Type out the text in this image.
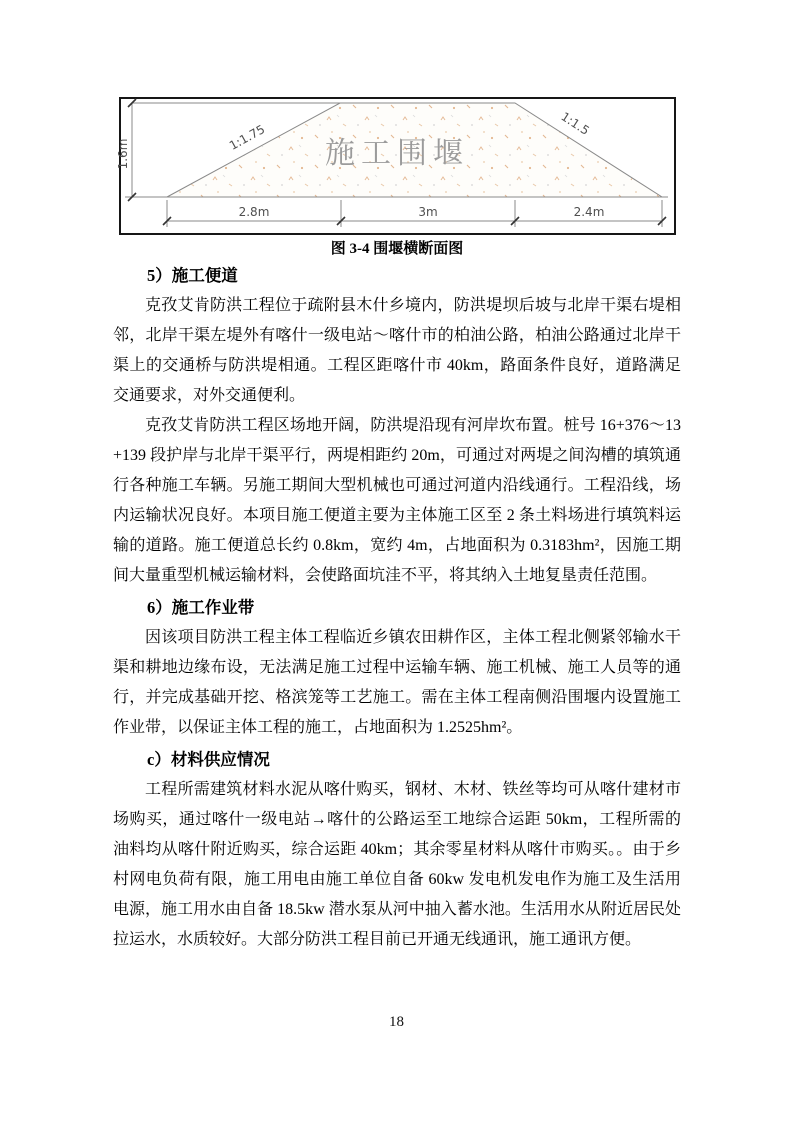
1.6m
1:1.75	1:1.5
施工围堰
2.8m	3m	2.4m
图 3-4 围堰横断面图
5）施工便道

克孜艾肯防洪工程位于疏附县木什乡境内，防洪堤坝后坡与北岸干渠右堤相邻，北岸干渠左堤外有喀什一级电站～喀什市的柏油公路，柏油公路通过北岸干渠上的交通桥与防洪堤相通。工程区距喀什市 40km，路面条件良好，道路满足交通要求，对外交通便利。

克孜艾肯防洪工程区场地开阔，防洪堤沿现有河岸坎布置。桩号 16+376～13+139 段护岸与北岸干渠平行，两堤相距约 20m，可通过对两堤之间沟槽的填筑通行各种施工车辆。另施工期间大型机械也可通过河道内沿线通行。工程沿线，场内运输状况良好。本项目施工便道主要为主体施工区至 2 条土料场进行填筑料运输的道路。施工便道总长约 0.8km，宽约 4m，占地面积为 0.3183hm²，因施工期间大量重型机械运输材料，会使路面坑洼不平，将其纳入土地复垦责任范围。

6）施工作业带

因该项目防洪工程主体工程临近乡镇农田耕作区，主体工程北侧紧邻输水干渠和耕地边缘布设，无法满足施工过程中运输车辆、施工机械、施工人员等的通行，并完成基础开挖、格滨笼等工艺施工。需在主体工程南侧沿围堰内设置施工作业带，以保证主体工程的施工，占地面积为 1.2525hm²。

c）材料供应情况

工程所需建筑材料水泥从喀什购买，钢材、木材、铁丝等均可从喀什建材市场购买，通过喀什一级电站→喀什的公路运至工地综合运距 50km，工程所需的油料均从喀什附近购买，综合运距 40km；其余零星材料从喀什市购买。。由于乡村网电负荷有限，施工用电由施工单位自备 60kw 发电机发电作为施工及生活用电源，施工用水由自备 18.5kw 潜水泵从河中抽入蓄水池。生活用水从附近居民处拉运水，水质较好。大部分防洪工程目前已开通无线通讯，施工通讯方便。

18
